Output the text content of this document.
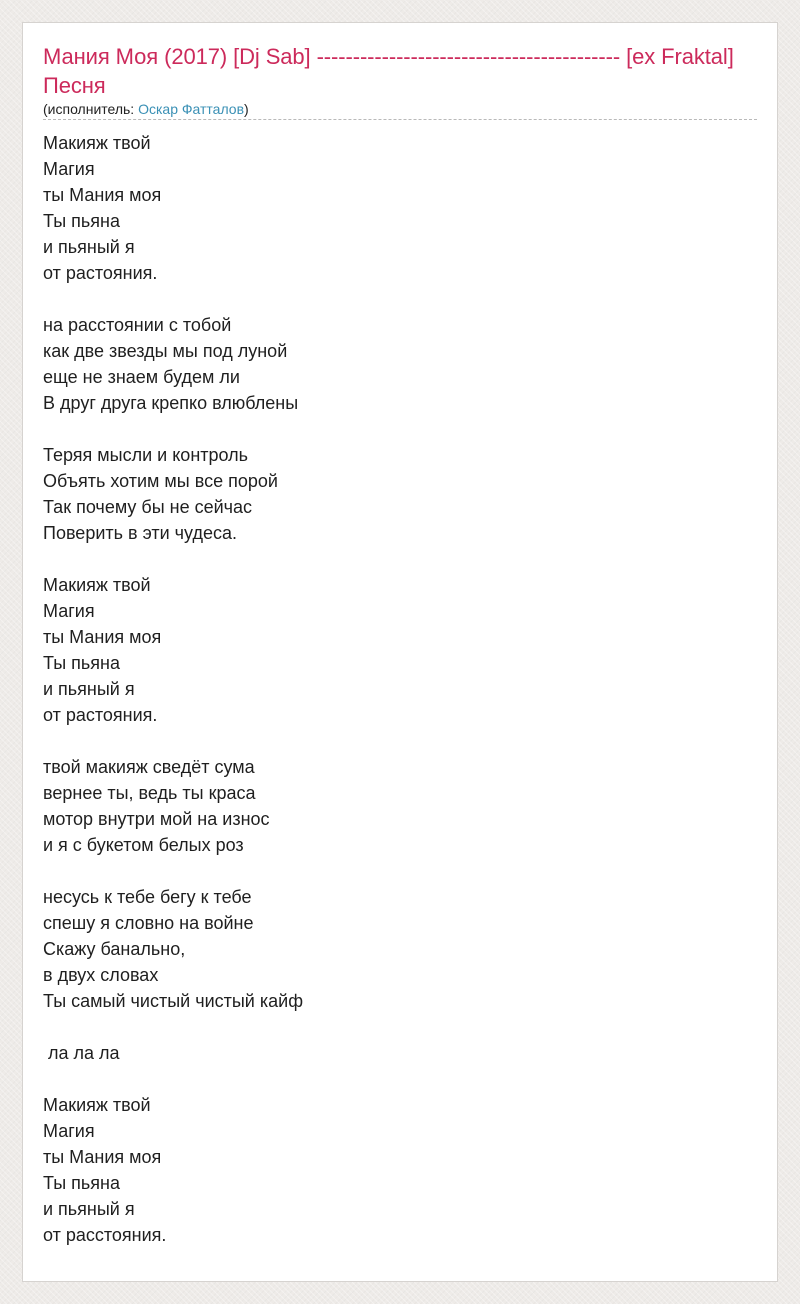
Мания Моя (2017) [Dj Sab] ------------------------------------------ [ex Fraktal] Песня
(исполнитель: Оскар Фатталов)
Макияж твой
Магия
ты Мания моя
Ты пьяна
и пьяный я
от растояния.
на расстоянии с тобой
как две звезды мы под луной
еще не знаем будем ли
В друг друга крепко влюблены
Теряя мысли и контроль
Объять хотим мы все порой
Так почему бы не сейчас
Поверить в эти чудеса.
Макияж твой
Магия
ты Мания моя
Ты пьяна
и пьяный я
от растояния.
твой макияж сведёт сума
вернее ты, ведь ты краса
мотор внутри мой на износ
и я с букетом белых роз
несусь к тебе бегу к тебе
спешу я словно на войне
Скажу банально,
в двух словах
Ты самый чистый чистый кайф
ла ла ла
Макияж твой
Магия
ты Мания моя
Ты пьяна
и пьяный я
от расстояния.
